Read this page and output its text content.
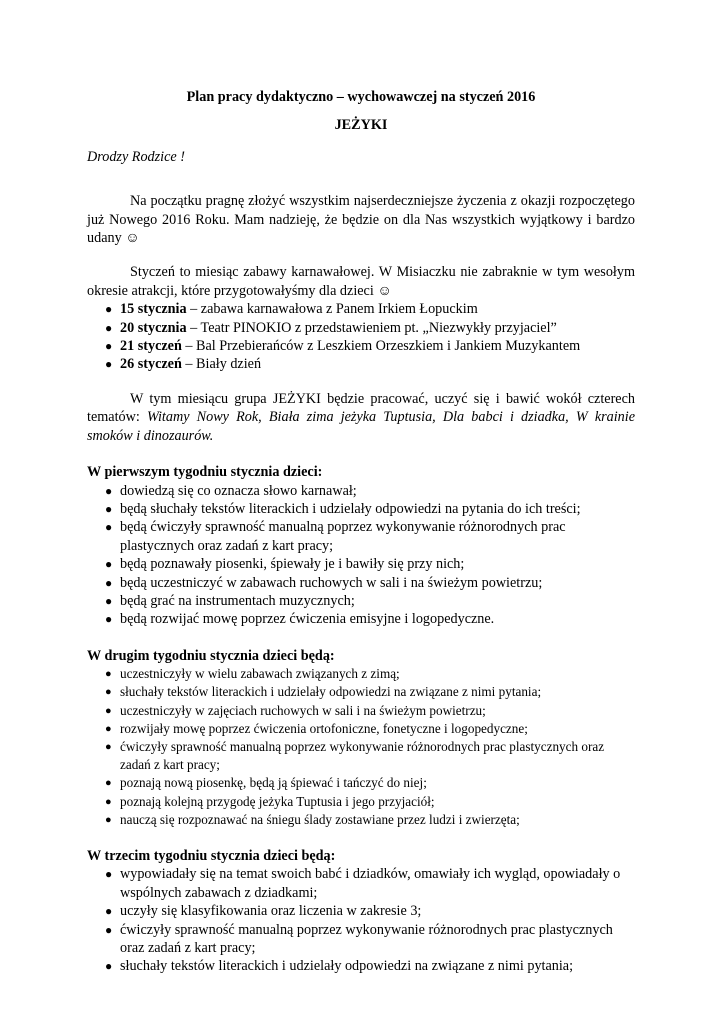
Plan pracy dydaktyczno – wychowawczej na styczeń 2016

JEŻYKI

Drodzy Rodzice !

Na początku pragnę złożyć wszystkim najserdeczniejsze życzenia z okazji rozpoczętego już Nowego 2016 Roku. Mam nadzieję, że będzie on dla Nas wszystkich wyjątkowy i bardzo udany ☺

Styczeń to miesiąc zabawy karnawałowej. W Misiaczku nie zabraknie w tym wesołym okresie atrakcji, które przygotowałyśmy dla dzieci ☺

● 15 stycznia – zabawa karnawałowa z Panem Irkiem Łopuckim
● 20 stycznia – Teatr PINOKIO z przedstawieniem pt. „Niezwykły przyjaciel”
● 21 styczeń – Bal Przebierańców z Leszkiem Orzeszkiem i Jankiem Muzykantem
● 26 styczeń – Biały dzień

W tym miesiącu grupa JEŻYKI będzie pracować, uczyć się i bawić wokół czterech tematów: Witamy Nowy Rok, Biała zima jeżyka Tuptusia, Dla babci i dziadka, W krainie smoków i dinozaurów.

W pierwszym tygodniu stycznia dzieci:

● dowiedzą się co oznacza słowo karnawał;
● będą słuchały tekstów literackich i udzielały odpowiedzi na pytania do ich treści;
● będą ćwiczyły sprawność manualną poprzez wykonywanie różnorodnych prac plastycznych oraz zadań z kart pracy;
● będą poznawały piosenki, śpiewały je i bawiły się przy nich;
● będą uczestniczyć w zabawach ruchowych w sali i na świeżym powietrzu;
● będą grać na instrumentach muzycznych;
● będą rozwijać mowę poprzez ćwiczenia emisyjne i logopedyczne.

W drugim tygodniu stycznia dzieci będą:

● uczestniczyły w wielu zabawach związanych z zimą;
● słuchały tekstów literackich i udzielały odpowiedzi na związane z nimi pytania;
● uczestniczyły w zajęciach ruchowych w sali i na świeżym powietrzu;
● rozwijały mowę poprzez ćwiczenia ortofoniczne, fonetyczne i logopedyczne;
● ćwiczyły sprawność manualną poprzez wykonywanie różnorodnych prac plastycznych oraz zadań z kart pracy;
● poznają nową piosenkę, będą ją śpiewać i tańczyć do niej;
● poznają kolejną przygodę jeżyka Tuptusia i jego przyjaciół;
● nauczą się rozpoznawać na śniegu ślady zostawiane przez ludzi i zwierzęta;

W trzecim tygodniu stycznia dzieci będą:

● wypowiadały się na temat swoich babć i dziadków, omawiały ich wygląd, opowiadały o wspólnych zabawach z dziadkami;
● uczyły się klasyfikowania oraz liczenia w zakresie 3;
● ćwiczyły sprawność manualną poprzez wykonywanie różnorodnych prac plastycznych oraz zadań z kart pracy;
● słuchały tekstów literackich i udzielały odpowiedzi na związane z nimi pytania;
